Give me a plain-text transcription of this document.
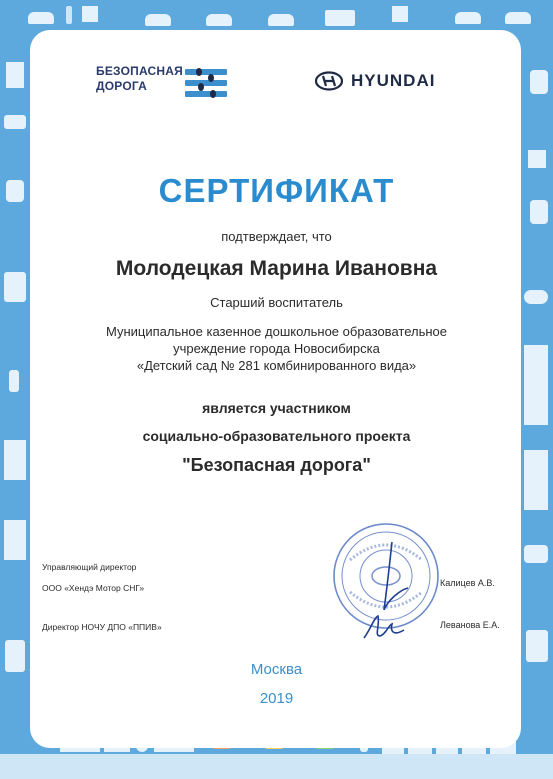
БЕЗОПАСНАЯ
ДОРОГА	HYUNDAI
СЕРТИФИКАТ
подтверждает, что
Молодецкая Марина Ивановна
Старший воспитатель
Муниципальное казенное дошкольное образовательное
учреждение города Новосибирска
«Детский сад № 281 комбинированного вида»
является участником
социально-образовательного проекта
"Безопасная дорога"
Управляющий директор
ООО «Хендэ Мотор СНГ»	Калицев А.В.
Директор НОЧУ ДПО «ППИВ»	Леванова Е.А.
Москва
2019
